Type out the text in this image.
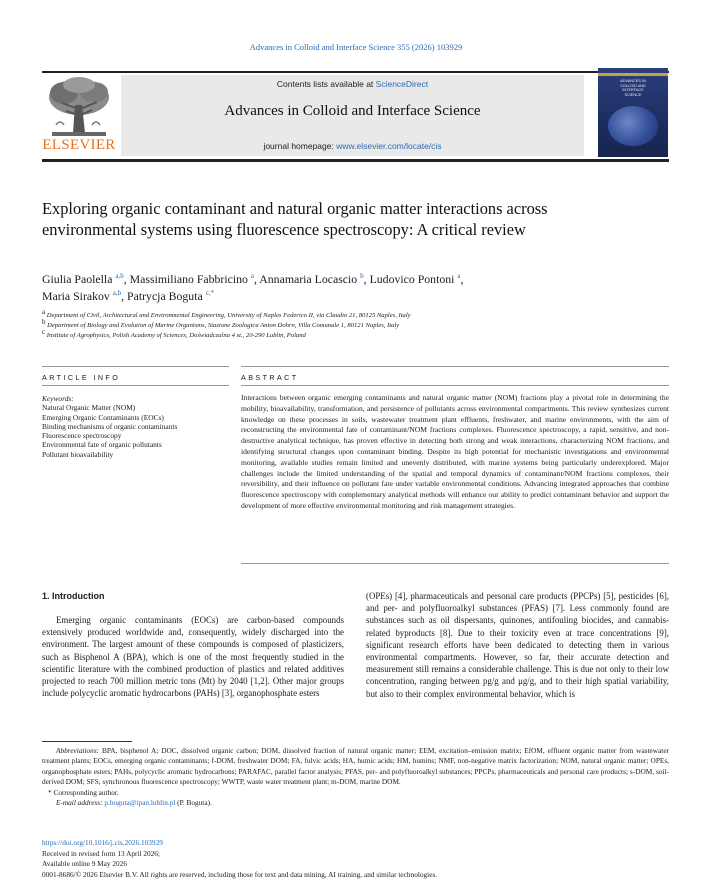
Advances in Colloid and Interface Science 355 (2026) 103929
ELSEVIER
Contents lists available at ScienceDirect
Advances in Colloid and Interface Science
journal homepage: www.elsevier.com/locate/cis
ADVANCES IN
COLLOID AND
INTERFACE
SCIENCE
Exploring organic contaminant and natural organic matter interactions across environmental systems using fluorescence spectroscopy: A critical review
Giulia Paolella $^{a,b}$, Massimiliano Fabbricino $^a$, Annamaria Locascio $^b$, Ludovico Pontoni $^a$,
Maria Sirakov $^{a,b}$, Patrycja Boguta $^{c,*}$
a Department of Civil, Architectural and Environmental Engineering, University of Naples Federico II, via Claudio 21, 80125 Naples, Italy
b Department of Biology and Evolution of Marine Organisms, Stazione Zoologica Anton Dohrn, Villa Comunale 1, 80121 Naples, Italy
c Institute of Agrophysics, Polish Academy of Sciences, Doświadczalna 4 st., 20-290 Lublin, Poland
ARTICLE INFO	ABSTRACT
Keywords:
Natural Organic Matter (NOM)
Emerging Organic Contaminants (EOCs)
Binding mechanisms of organic contaminants
Fluorescence spectroscopy
Environmental fate of organic pollutants
Pollutant bioavailability
Interactions between organic emerging contaminants and natural organic matter (NOM) fractions play a pivotal role in determining the mobility, bioavailability, transformation, and persistence of pollutants across environmental compartments. This review synthesizes current knowledge on these processes in soils, wastewater treatment plant effluents, freshwater, and marine environments, with the aim of reconstructing the environmental fate of contaminant/NOM fractions complexes. Fluorescence spectroscopy, a rapid, sensitive, and non-destructive analytical technique, has proven effective in detecting both strong and weak interactions, characterizing NOM fractions, and identifying structural changes upon contaminant binding. Despite its high potential for mechanistic investigations and environmental monitoring, available studies remain limited and unevenly distributed, with marine systems being particularly underexplored. Major challenges include the limited understanding of the spatial and temporal dynamics of contaminant/NOM fractions complexes, their reversibility, and their influence on pollutant fate under variable environmental conditions. Advancing integrated approaches that combine fluorescence spectroscopy with complementary analytical methods will enhance our ability to predict contaminant behavior and support the development of more effective environmental monitoring and risk management strategies.
1. Introduction
Emerging organic contaminants (EOCs) are carbon-based compounds extensively produced worldwide and, consequently, widely discharged into the environment. The largest amount of these compounds is composed of plasticizers, such as Bisphenol A (BPA), which is one of the most frequently studied in the scientific literature with the combined production of plastics and related additives projected to reach 700 million metric tons (Mt) by 2040 [1,2]. Other major groups include polycyclic aromatic hydrocarbons (PAHs) [3], organophosphate esters
(OPEs) [4], pharmaceuticals and personal care products (PPCPs) [5], pesticides [6], and per- and polyfluoroalkyl substances (PFAS) [7]. Less commonly found are substances such as oil dispersants, quinones, antifouling biocides, and cannabis-related byproducts [8]. Due to their toxicity even at trace concentrations [9], significant research efforts have been dedicated to detecting them in various environmental compartments. However, so far, their accurate detection and measurement still remains a considerable challenge. This is due not only to their low concentration, ranging between pg/g and μg/g, and to their high spatial variability, but also to their complex environmental behavior, which is
Abbreviations: BPA, bisphenol A; DOC, dissolved organic carbon; DOM, dissolved fraction of natural organic matter; EEM, excitation–emission matrix; EfOM, effluent organic matter from wastewater treatment plants; EOCs, emerging organic contaminants; f-DOM, freshwater DOM; FA, fulvic acids; HA, humic acids; HM, humins; NMF, non-negative matrix factorization; NOM, natural organic matter; OPEs, organophosphate esters; PAHs, polycyclic aromatic hydrocarbons; PARAFAC, parallel factor analysis; PFAS, per- and polyfluoroalkyl substances; PPCPs, pharmaceuticals and personal care products; s-DOM, soil-derived DOM; SFS, synchronous fluorescence spectroscopy; WWTP, waste water treatment plant; m-DOM, marine DOM.
* Corresponding author.
E-mail address: p.boguta@ipan.lublin.pl (P. Boguta).
https://doi.org/10.1016/j.cis.2026.103929
Received in revised form 13 April 2026;
Available online 9 May 2026
0001-8686/© 2026 Elsevier B.V. All rights are reserved, including those for text and data mining, AI training, and similar technologies.
